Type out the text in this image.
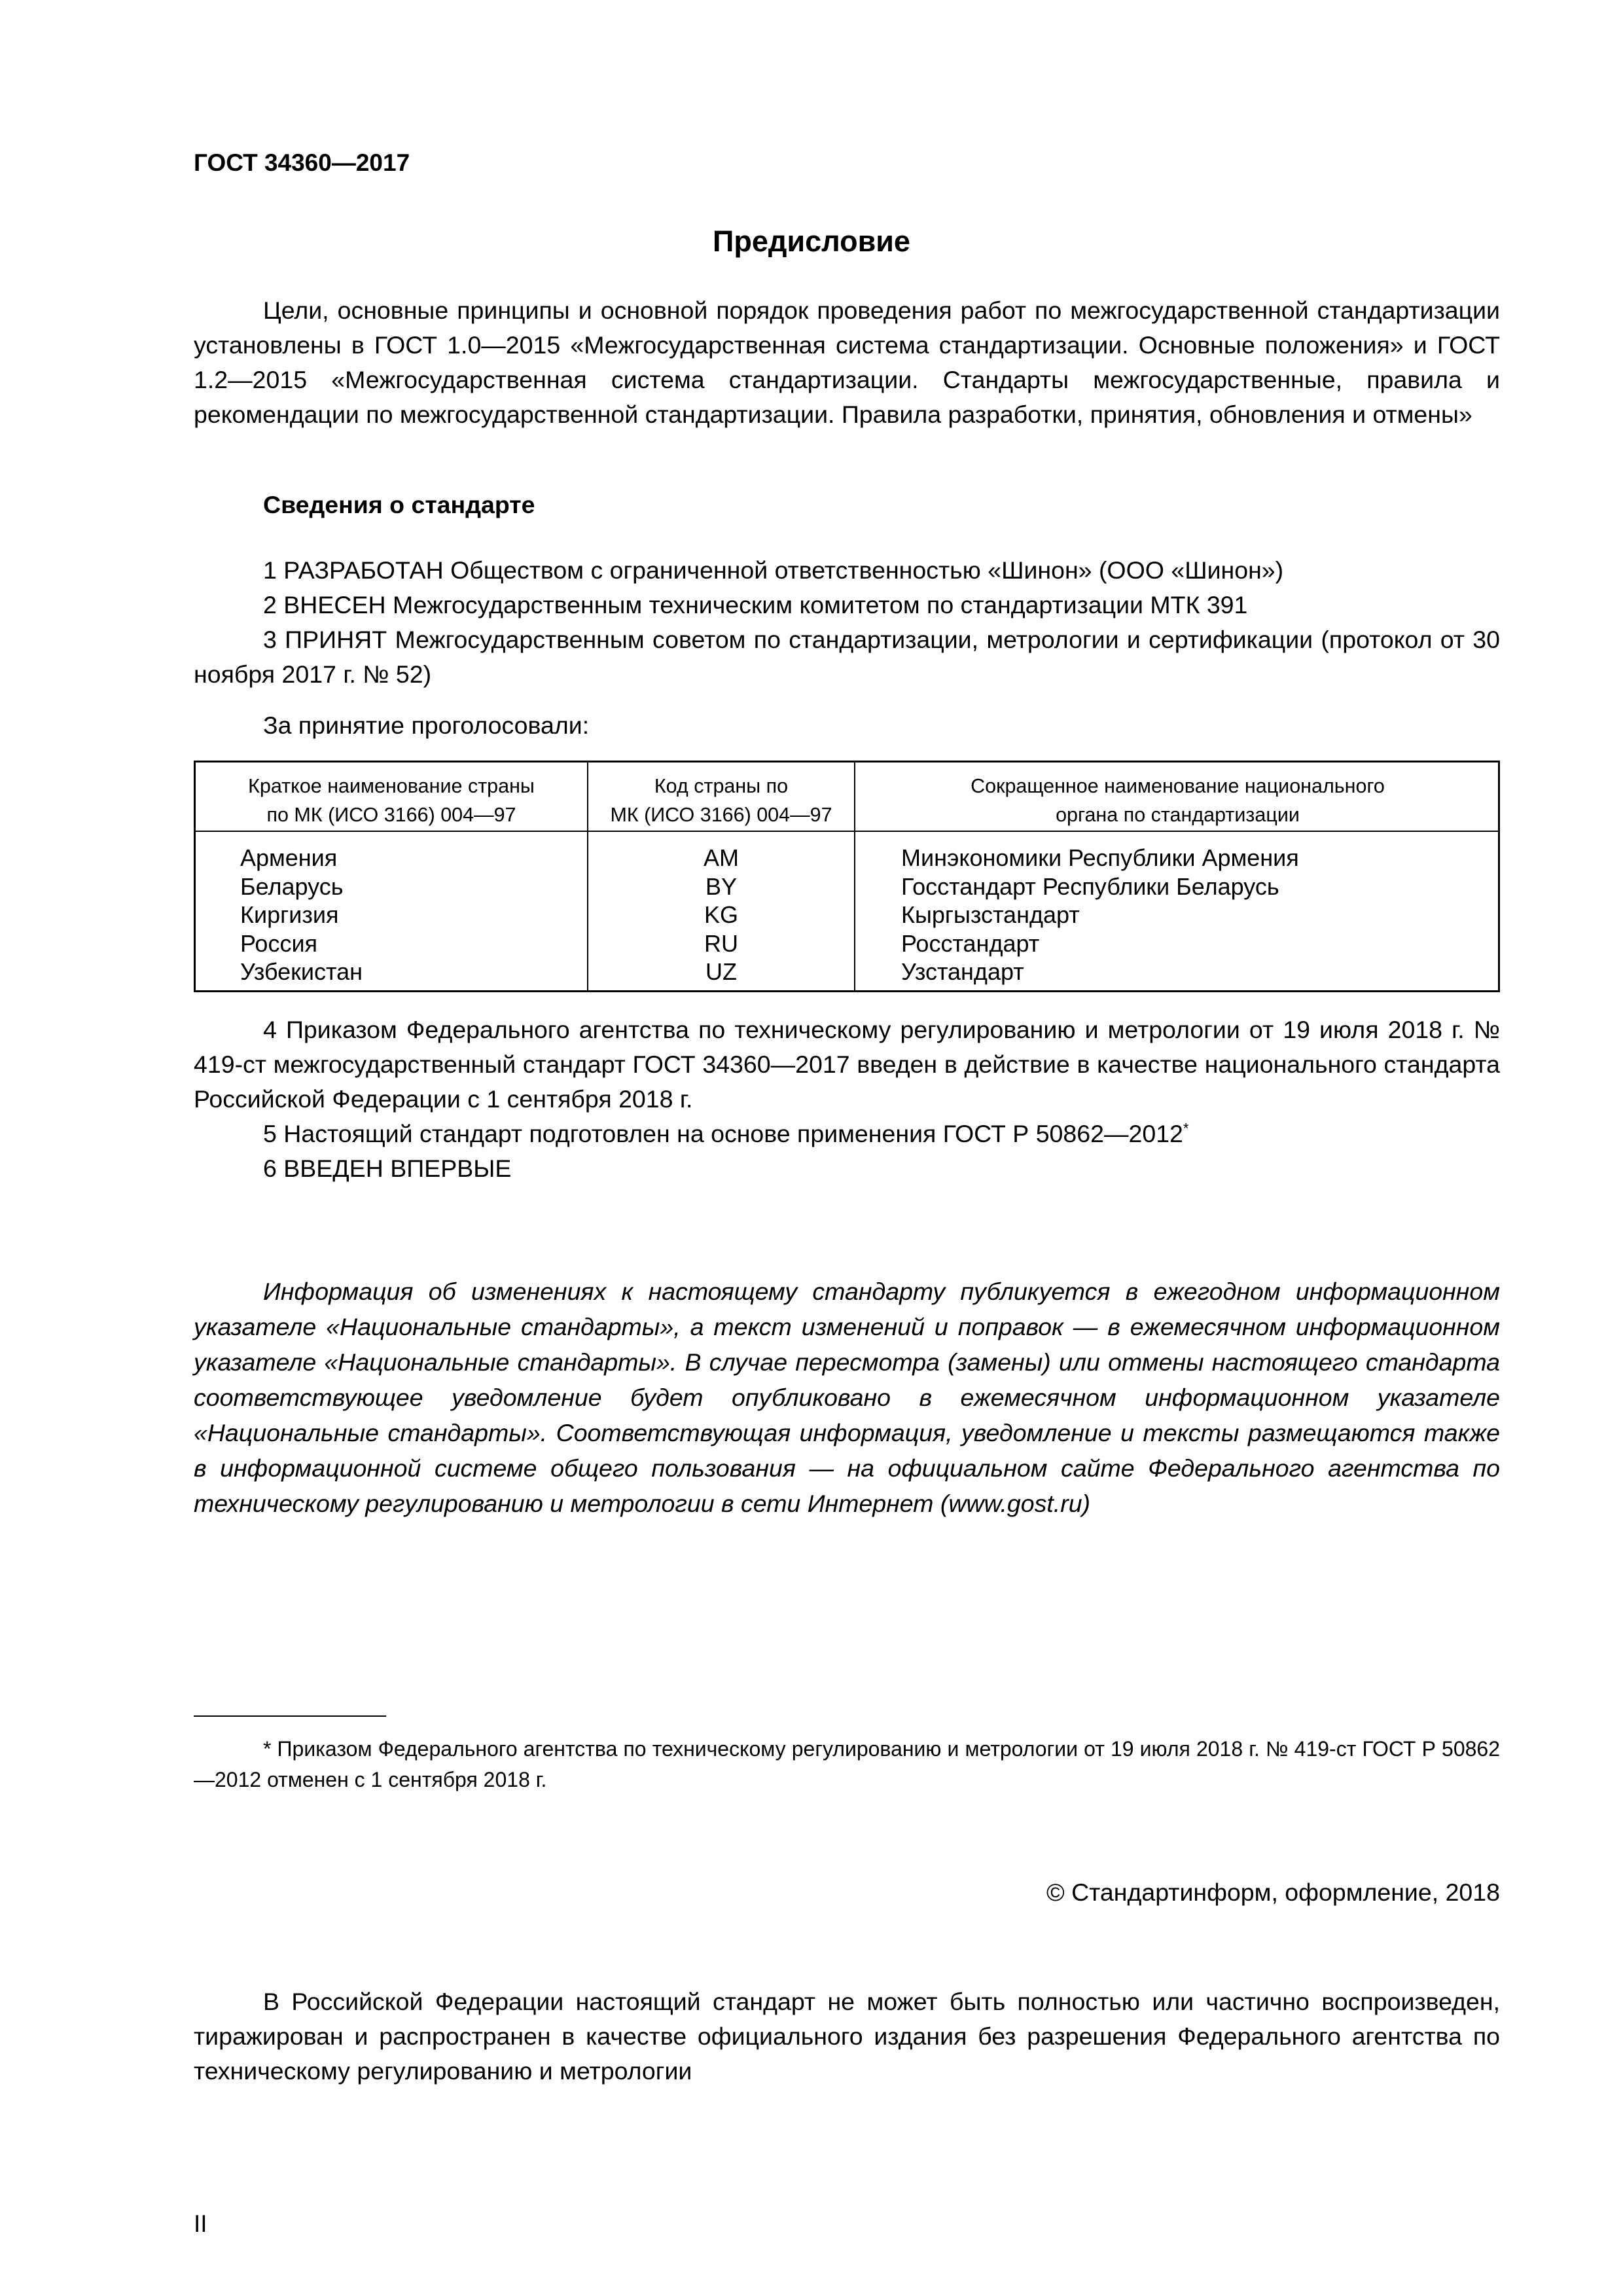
ГОСТ 34360—2017
Предисловие

Цели, основные принципы и основной порядок проведения работ по межгосударственной стандартизации установлены в ГОСТ 1.0—2015 «Межгосударственная система стандартизации. Основные положения» и ГОСТ 1.2—2015 «Межгосударственная система стандартизации. Стандарты межгосударственные, правила и рекомендации по межгосударственной стандартизации. Правила разработки, принятия, обновления и отмены»

Сведения о стандарте

1 РАЗРАБОТАН Обществом с ограниченной ответственностью «Шинон» (ООО «Шинон»)

2 ВНЕСЕН Межгосударственным техническим комитетом по стандартизации МТК 391

3 ПРИНЯТ Межгосударственным советом по стандартизации, метрологии и сертификации (протокол от 30 ноября 2017 г. № 52)

За принятие проголосовали:

Краткое наименование страны
по МК (ИСО 3166) 004—97
Код страны по
МК (ИСО 3166) 004—97
Сокращенное наименование национального
органа по стандартизации
Армения
Беларусь
Киргизия
Россия
Узбекистан
AM
BY
KG
RU
UZ
Минэкономики Республики Армения
Госстандарт Республики Беларусь
Кыргызстандарт
Росстандарт
Узстандарт

4 Приказом Федерального агентства по техническому регулированию и метрологии от 19 июля 2018 г. № 419-ст межгосударственный стандарт ГОСТ 34360—2017 введен в действие в качестве национального стандарта Российской Федерации с 1 сентября 2018 г.

5 Настоящий стандарт подготовлен на основе применения ГОСТ Р 50862—2012*

6 ВВЕДЕН ВПЕРВЫЕ

Информация об изменениях к настоящему стандарту публикуется в ежегодном информационном указателе «Национальные стандарты», а текст изменений и поправок — в ежемесячном информационном указателе «Национальные стандарты». В случае пересмотра (замены) или отмены настоящего стандарта соответствующее уведомление будет опубликовано в ежемесячном информационном указателе «Национальные стандарты». Соответствующая информация, уведомление и тексты размещаются также в информационной системе общего пользования — на официальном сайте Федерального агентства по техническому регулированию и метрологии в сети Интернет (www.gost.ru)

* Приказом Федерального агентства по техническому регулированию и метрологии от 19 июля 2018 г. № 419-ст ГОСТ Р 50862—2012 отменен с 1 сентября 2018 г.

© Стандартинформ, оформление, 2018

В Российской Федерации настоящий стандарт не может быть полностью или частично воспроизведен, тиражирован и распространен в качестве официального издания без разрешения Федерального агентства по техническому регулированию и метрологии

II
